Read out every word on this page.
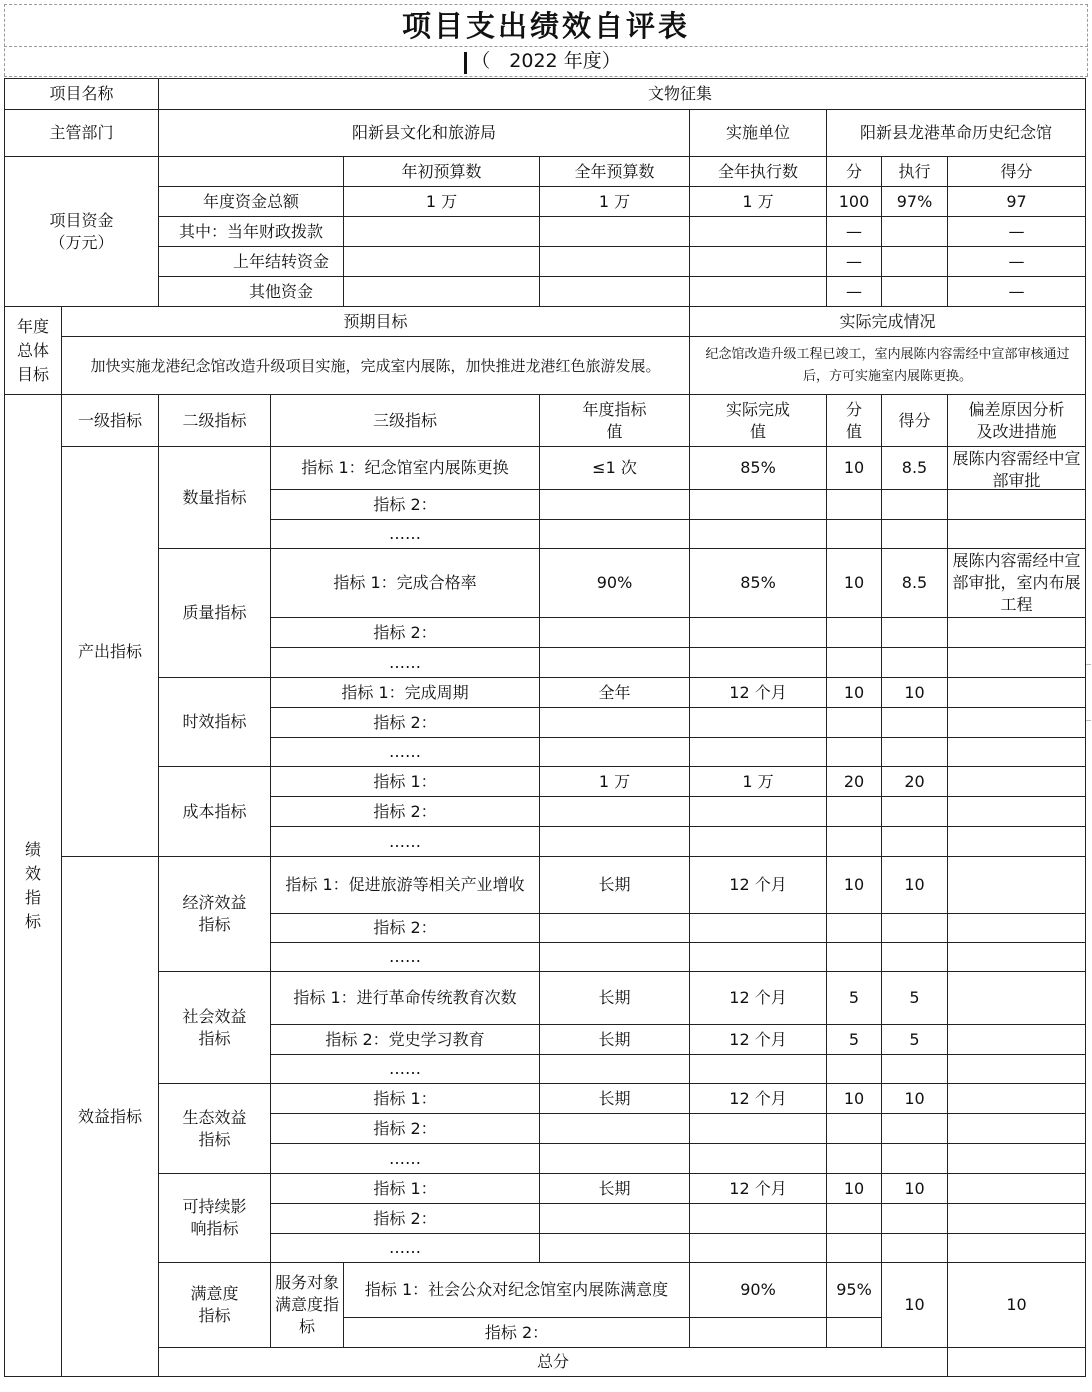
项目支出绩效自评表
（　2022 年度）
项目名称		文物征集								
主管部门		阳新县文化和旅游局				实施单位	阳新县龙港革命历史纪念馆			
项目资金（万元）				年初预算数	全年预算数	全年执行数	分	执行	得分	
		年度资金总额		1 万	1 万	1 万	100	97%	97	
		其中：当年财政拨款					—		—	
		上年结转资金					—		—	
		其他资金					—		—	
年度总体目标	预期目标					实际完成情况				
	加快实施龙港纪念馆改造升级项目实施，完成室内展陈，加快推进龙港红色旅游发展。					纪念馆改造升级工程已竣工，室内展陈内容需经中宣部审核通过后，方可实施室内展陈更换。				
绩效指标	一级指标	二级指标	三级指标		年度指标值	实际完成值	分值	得分	偏差原因分析及改进措施	
	产出指标	数量指标	指标 1：纪念馆室内展陈更换		≤1 次	85%	10	8.5	展陈内容需经中宣部审批	

			指标 2：							
			……							
		质量指标	指标 1：完成合格率		90%	85%	10	8.5	展陈内容需经中宣部审批，室内布展工程	

			指标 2：							
			……							
		时效指标	指标 1：完成周期		全年	12 个月	10	10		
			指标 2：							
			……							
		成本指标	指标 1：		1 万	1 万	20	20		
			指标 2：							
			……							
	效益指标	经济效益指标	指标 1：促进旅游等相关产业增收		长期	12 个月	10	10		
			指标 2：							
			……							
		社会效益指标	指标 1：进行革命传统教育次数		长期	12 个月	5	5		
			指标 2：党史学习教育		长期	12 个月	5	5		
			……							
		生态效益指标	指标 1：		长期	12 个月	10	10		
			指标 2：							
			……							
		可持续影响指标	指标 1：		长期	12 个月	10	10		
			指标 2：							
			……							
		满意度指标	服务对象满意度指标	指标 1：社会公众对纪念馆室内展陈满意度		90%	95%	10	10	
				指标 2：						
		总分			
